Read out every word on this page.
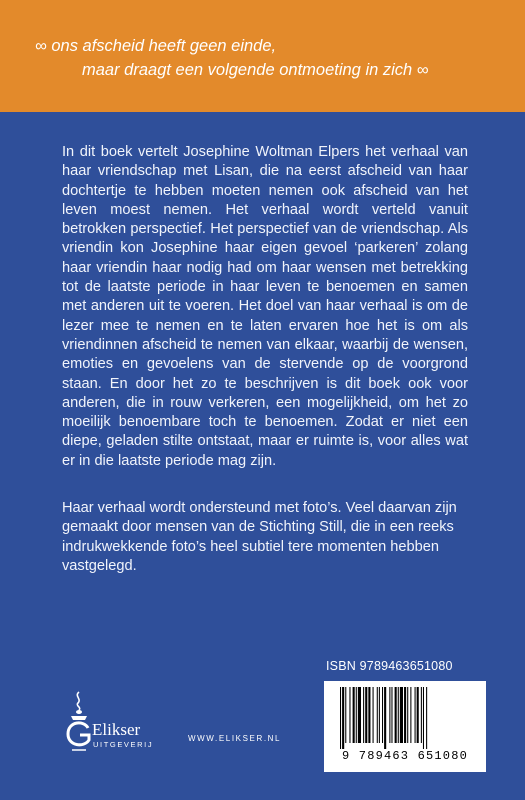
∞ ons afscheid heeft geen einde,
maar draagt een volgende ontmoeting in zich ∞

In dit boek vertelt Josephine Woltman Elpers het verhaal van haar vriendschap met Lisan, die na eerst afscheid van haar dochtertje te hebben moeten nemen ook afscheid van het leven moest nemen. Het verhaal wordt verteld vanuit betrokken perspectief. Het perspectief van de vriendschap. Als vriendin kon Josephine haar eigen gevoel ‘parkeren’ zolang haar vriendin haar nodig had om haar wensen met betrekking tot de laatste periode in haar leven te benoemen en samen met anderen uit te voeren. Het doel van haar verhaal is om de lezer mee te nemen en te laten ervaren hoe het is om als vriendinnen afscheid te nemen van elkaar, waarbij de wensen, emoties en gevoelens van de stervende op de voorgrond staan. En door het zo te beschrijven is dit boek ook voor anderen, die in rouw verkeren, een mogelijkheid, om het zo moeilijk benoembare toch te benoemen. Zodat er niet een diepe, geladen stilte ontstaat, maar er ruimte is, voor alles wat er in die laatste periode mag zijn.

Haar verhaal wordt ondersteund met foto’s. Veel daarvan zijn gemaakt door mensen van de Stichting Still, die in een reeks indrukwekkende foto’s heel subtiel tere momenten hebben vastgelegd.

Elikser
UITGEVERIJ
WWW.ELIKSER.NL
ISBN 9789463651080
9 789463 651080
